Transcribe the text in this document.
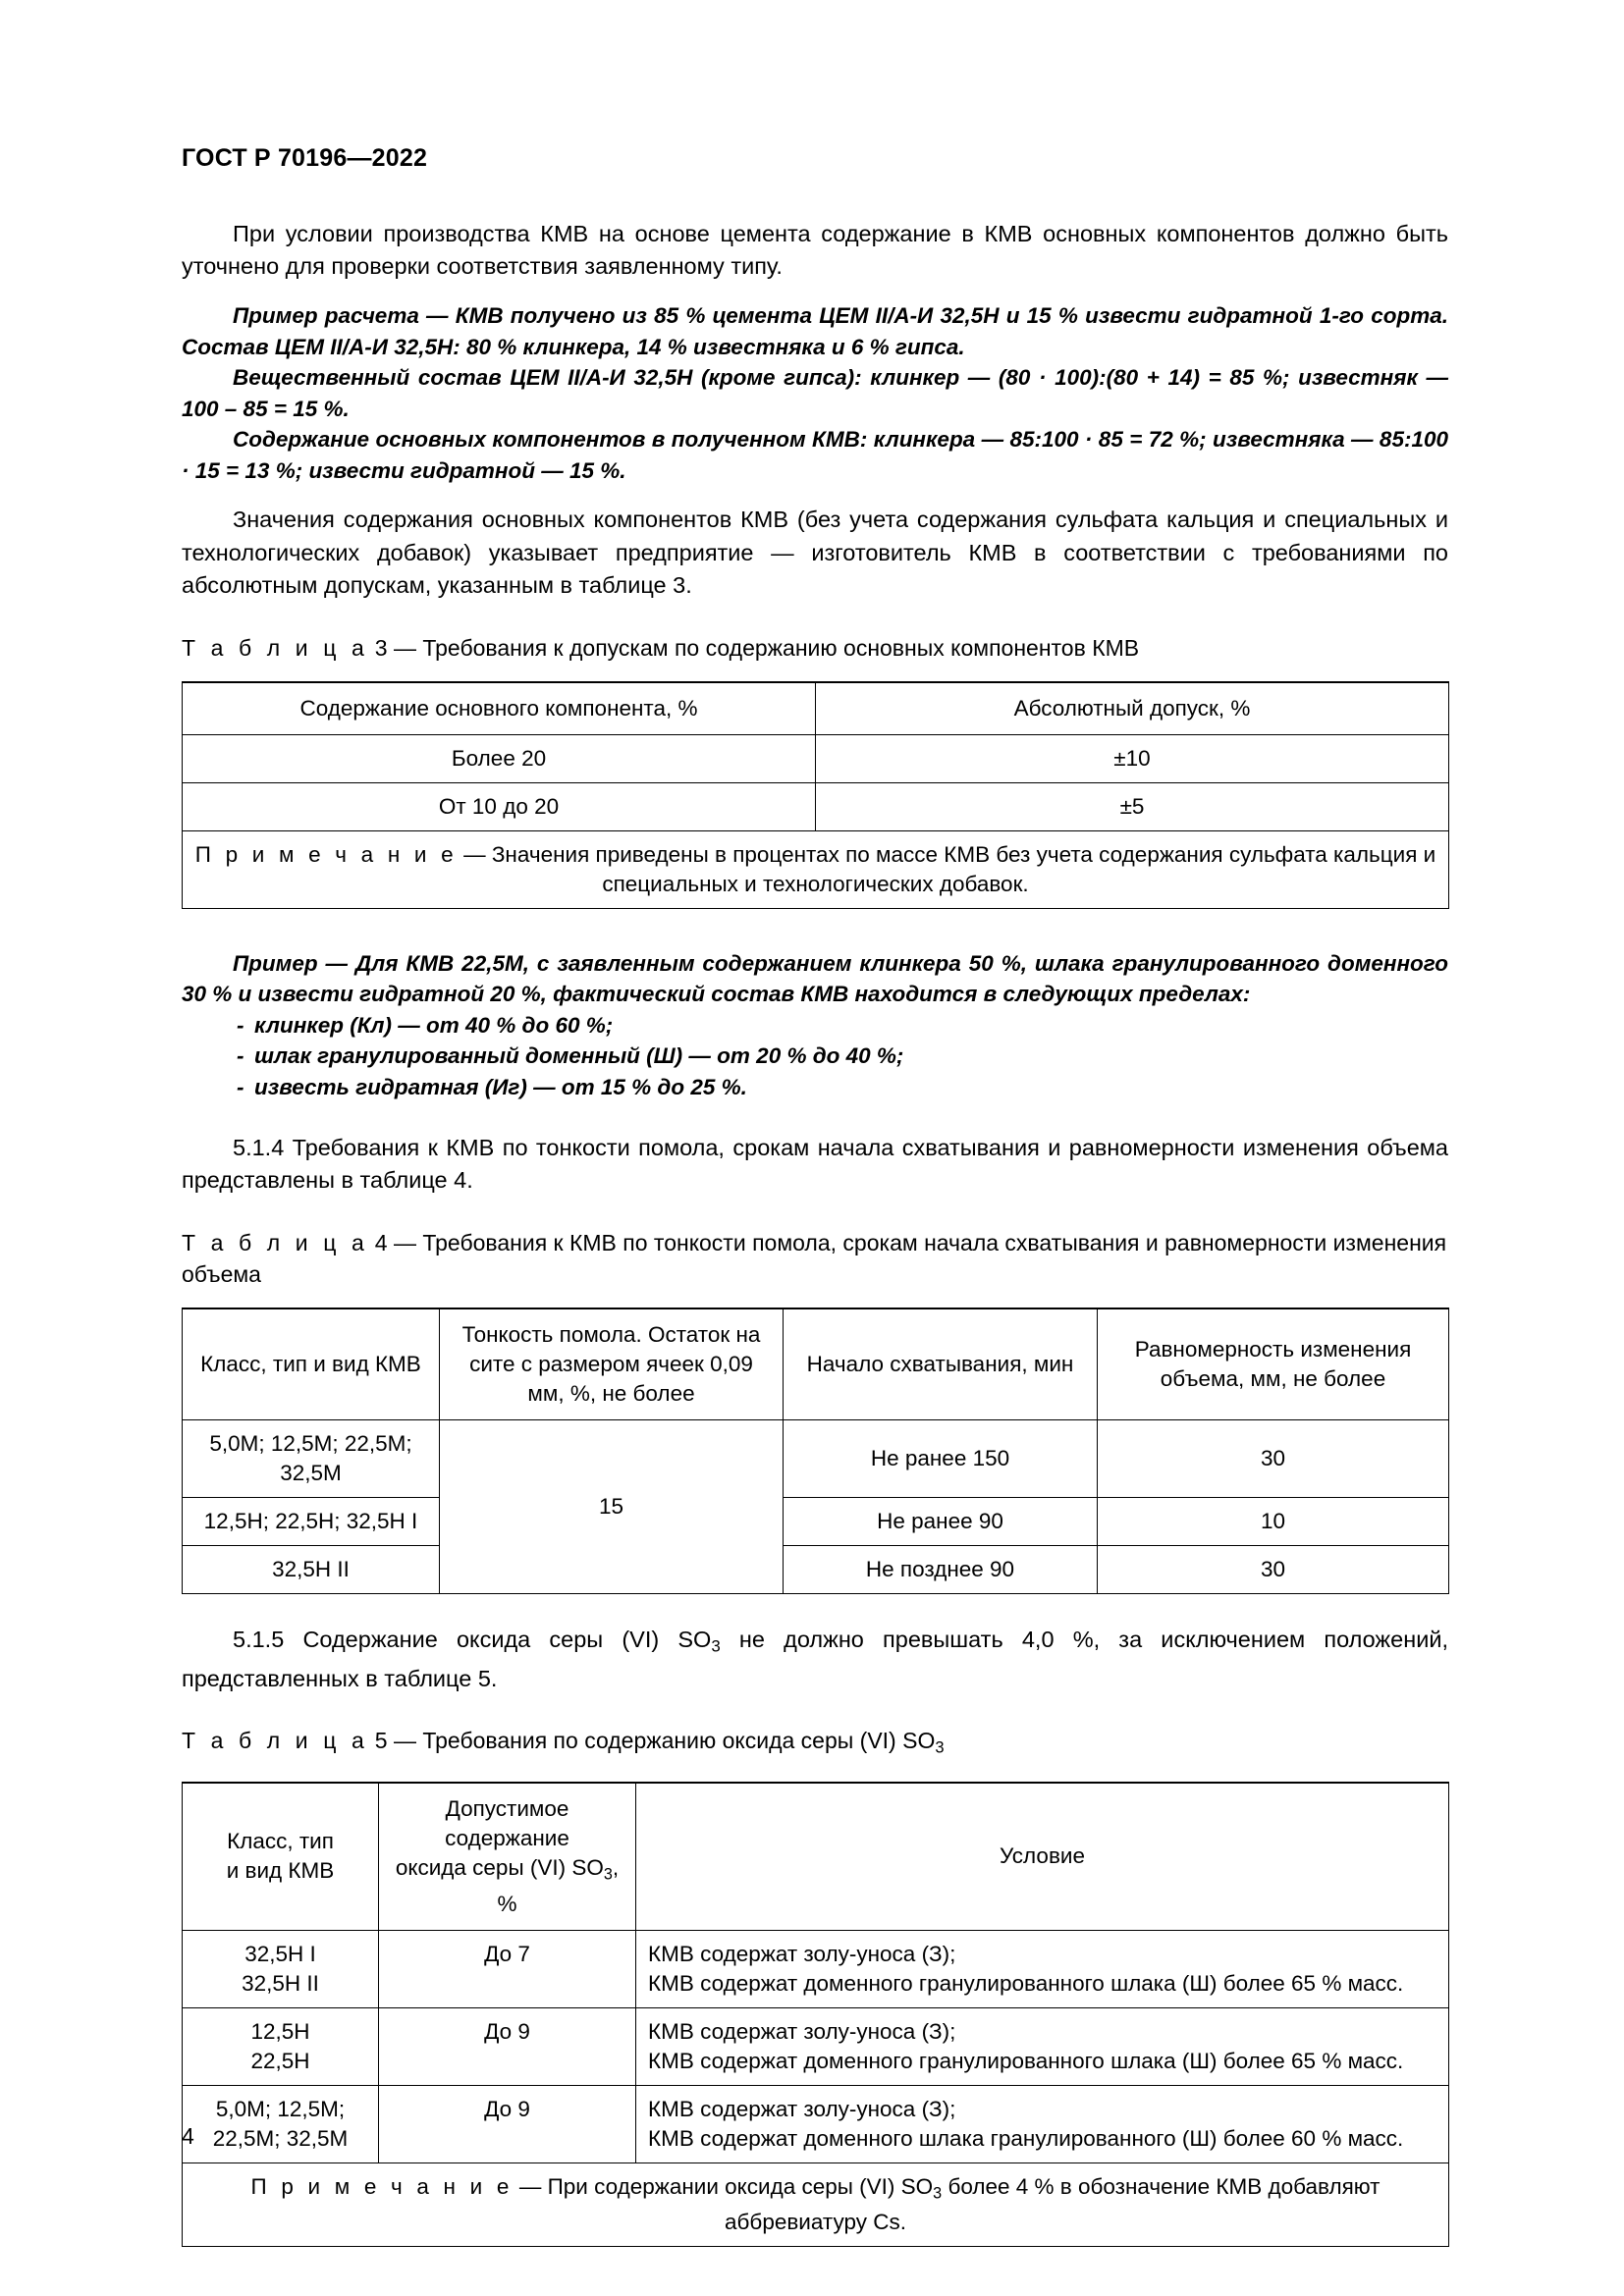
ГОСТ Р 70196—2022

При условии производства КМВ на основе цемента содержание в КМВ основных компонентов должно быть уточнено для проверки соответствия заявленному типу.

Пример расчета — КМВ получено из 85 % цемента ЦЕМ II/А-И 32,5Н и 15 % извести гидратной 1-го сорта. Состав ЦЕМ II/А-И 32,5Н: 80 % клинкера, 14 % известняка и 6 % гипса.

Вещественный состав ЦЕМ II/А-И 32,5Н (кроме гипса): клинкер — (80 · 100):(80 + 14) = 85 %; известняк — 100 – 85 = 15 %.

Содержание основных компонентов в полученном КМВ: клинкера — 85:100 · 85 = 72 %; известняка — 85:100 · 15 = 13 %; извести гидратной — 15 %.

Значения содержания основных компонентов КМВ (без учета содержания сульфата кальция и специальных и технологических добавок) указывает предприятие — изготовитель КМВ в соответствии с требованиями по абсолютным допускам, указанным в таблице 3.

Т а б л и ц а 3 — Требования к допускам по содержанию основных компонентов КМВ
Содержание основного компонента, %	Абсолютный допуск, %
Более 20	±10
От 10 до 20	±5
П р и м е ч а н и е — Значения приведены в процентах по массе КМВ без учета содержания сульфата кальция и специальных и технологических добавок.	

Пример — Для КМВ 22,5М, с заявленным содержанием клинкера 50 %, шлака гранулированного доменного 30 % и извести гидратной 20 %, фактический состав КМВ находится в следующих пределах:

- клинкер (Кл) — от 40 % до 60 %;
- шлак гранулированный доменный (Ш) — от 20 % до 40 %;
- известь гидратная (Иг) — от 15 % до 25 %.

5.1.4 Требования к КМВ по тонкости помола, срокам начала схватывания и равномерности изменения объема представлены в таблице 4.

Т а б л и ц а 4 — Требования к КМВ по тонкости помола, срокам начала схватывания и равномерности изменения объема
Класс, тип и вид КМВ	Тонкость помола. Остаток на сите с размером ячеек 0,09 мм, %, не более	Начало схватывания, мин	Равномерность изменения объема, мм, не более
5,0М; 12,5М; 22,5М; 32,5М	15	Не ранее 150	30
12,5Н; 22,5Н; 32,5Н I		Не ранее 90	10
32,5Н II		Не позднее 90	30

5.1.5 Содержание оксида серы (VI) $SO_3$ не должно превышать 4,0 %, за исключением положений, представленных в таблице 5.

Т а б л и ц а 5 — Требования по содержанию оксида серы (VI) $SO_3$
Класс, тип
и вид КМВ	Допустимое содержание
оксида серы (VI) $SO_3$, %	Условие
32,5Н I
32,5Н II	До 7	КМВ содержат золу-уноса (З);
КМВ содержат доменного гранулированного шлака (Ш) более 65 % масс.
12,5Н
22,5Н	До 9	КМВ содержат золу-уноса (З);
КМВ содержат доменного гранулированного шлака (Ш) более 65 % масс.
5,0М; 12,5М;
22,5М; 32,5М	До 9	КМВ содержат золу-уноса (З);
КМВ содержат доменного шлака гранулированного (Ш) более 60 % масс.
П р и м е ч а н и е — При содержании оксида серы (VI) $SO_3$ более 4 % в обозначение КМВ добавляют аббревиатуру Cs.		
4
